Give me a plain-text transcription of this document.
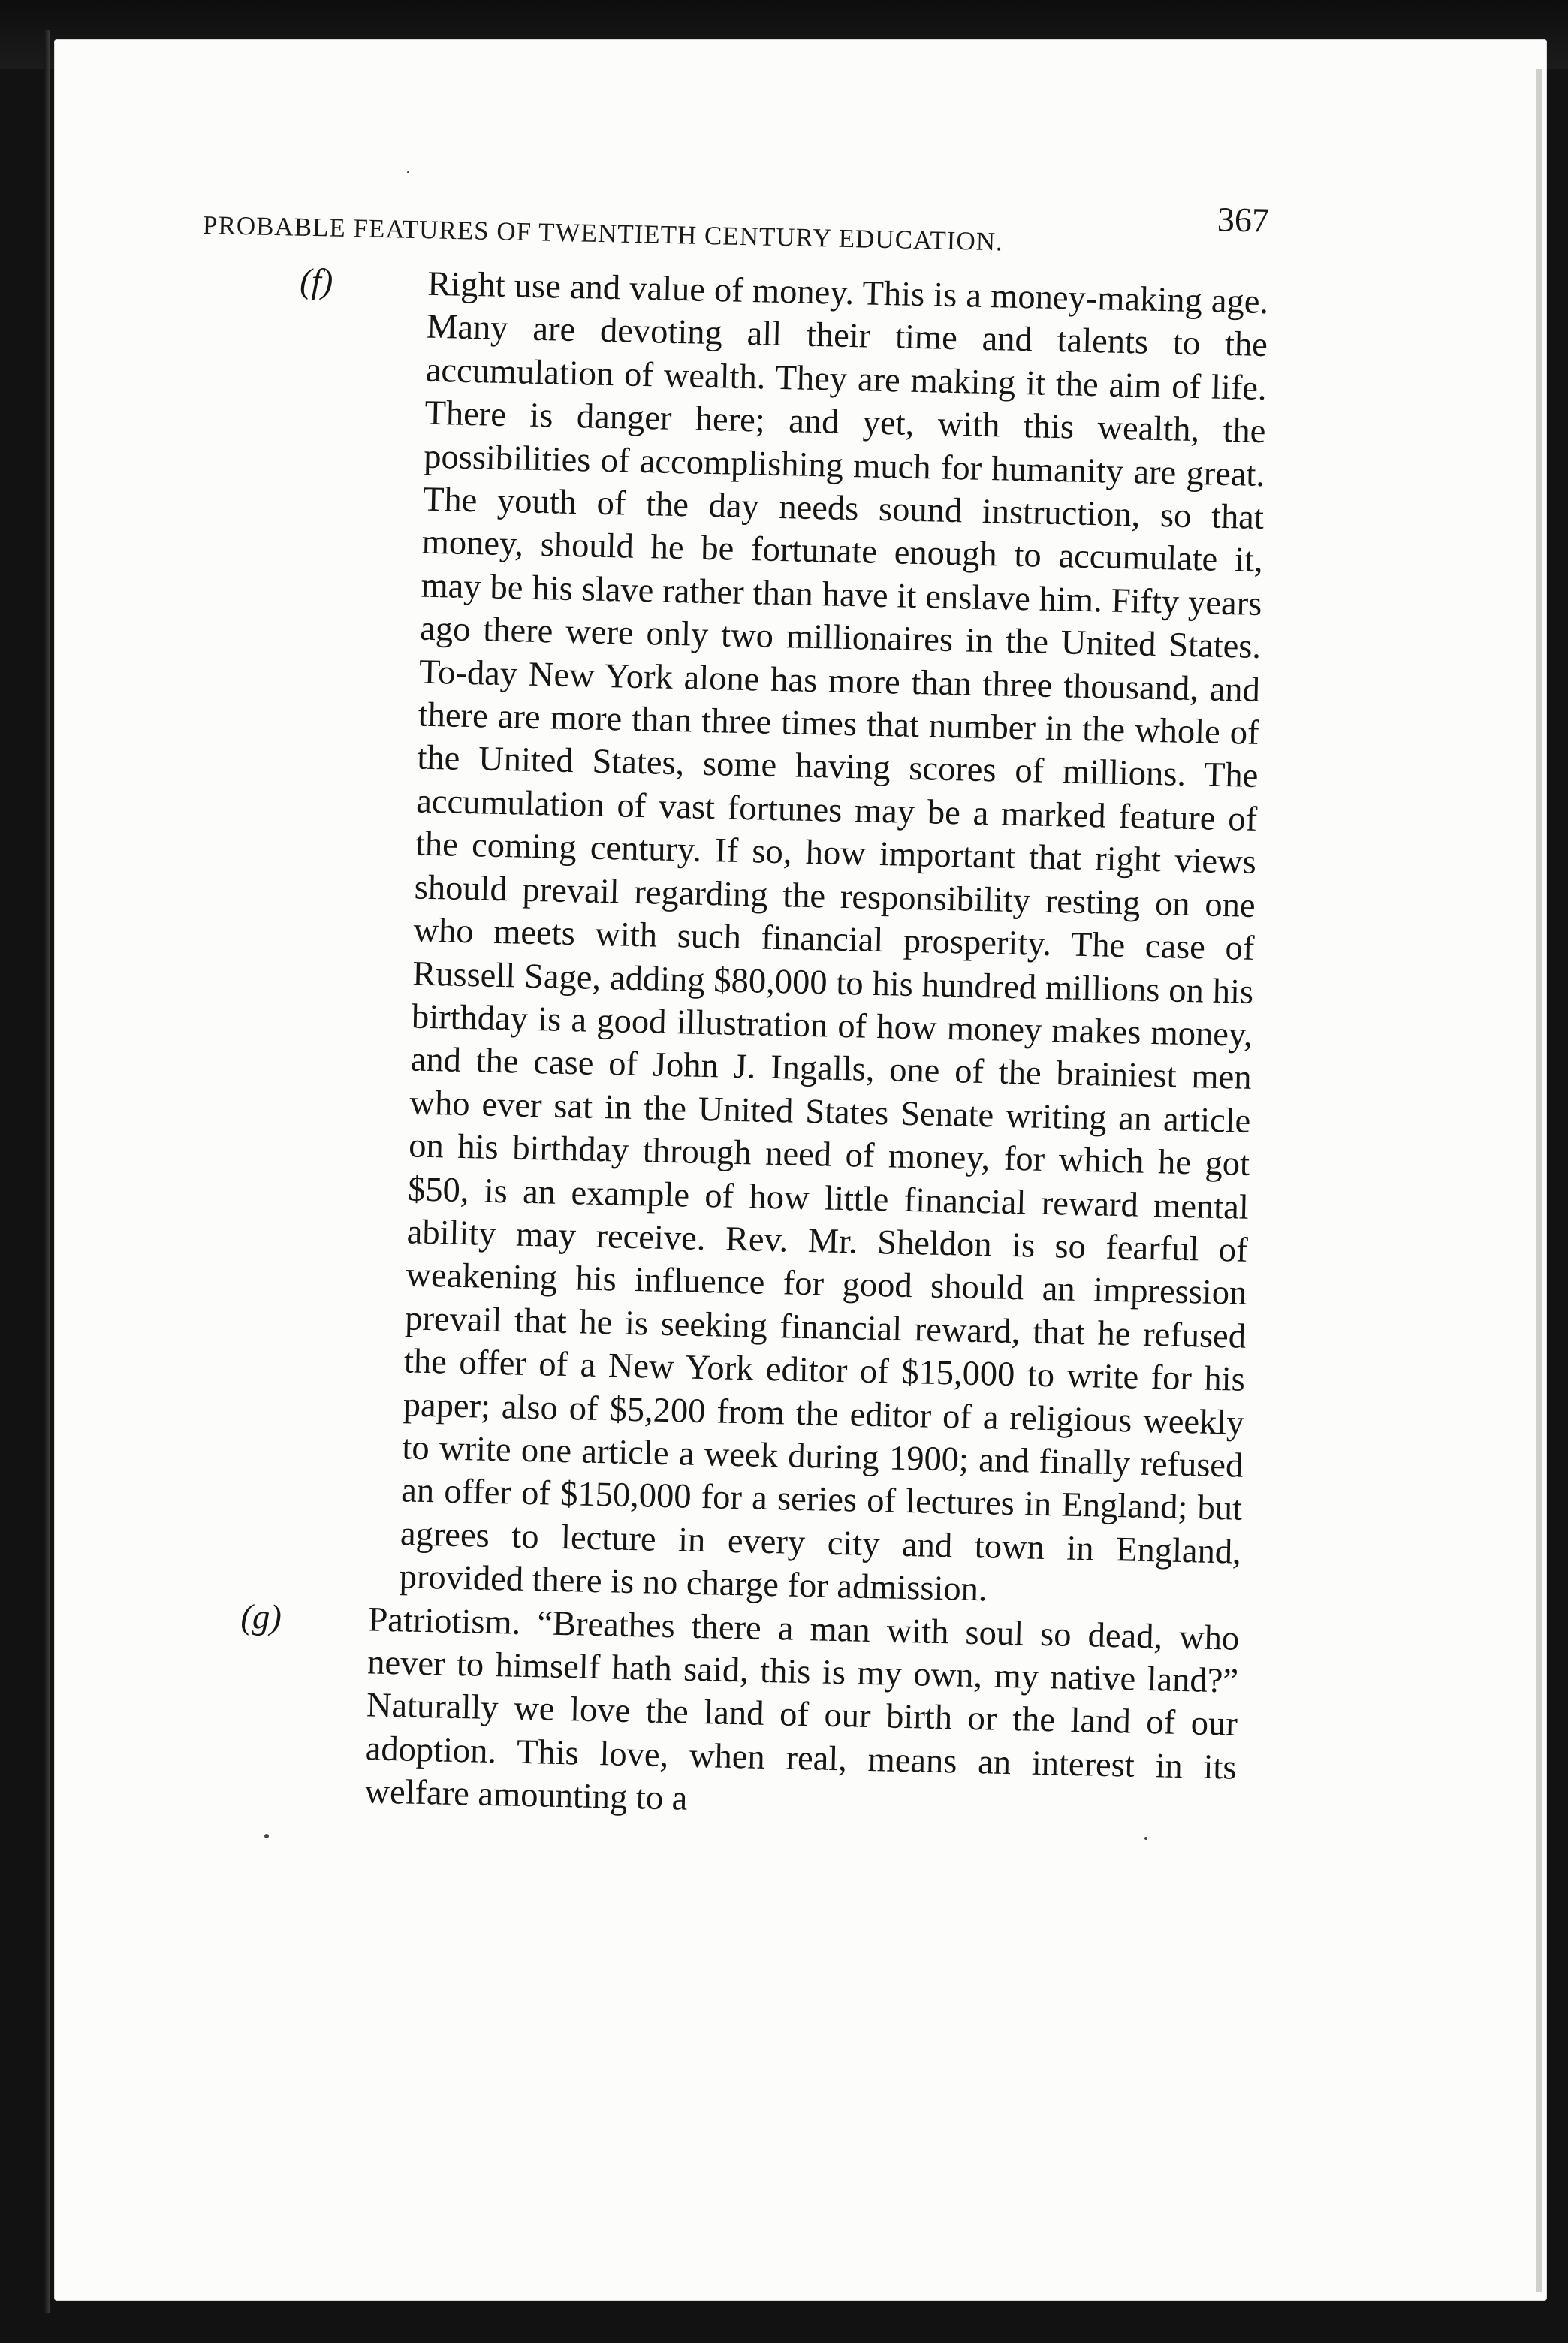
PROBABLE FEATURES OF TWENTIETH CENTURY EDUCATION.	367
(f)	Right use and value of money. This is a money-making age. Many are devoting all their time and talents to the accumulation of wealth. They are making it the aim of life. There is danger here; and yet, with this wealth, the possibilities of accomplishing much for humanity are great. The youth of the day needs sound instruction, so that money, should he be fortunate enough to accumulate it, may be his slave rather than have it enslave him. Fifty years ago there were only two millionaires in the United States. To-day New York alone has more than three thousand, and there are more than three times that number in the whole of the United States, some having scores of millions. The accumulation of vast fortunes may be a marked feature of the coming century. If so, how important that right views should prevail regarding the responsibility resting on one who meets with such financial prosperity. The case of Russell Sage, adding $80,000 to his hundred millions on his birthday is a good illustration of how money makes money, and the case of John J. Ingalls, one of the brainiest men who ever sat in the United States Senate writing an article on his birthday through need of money, for which he got $50, is an example of how little financial reward mental ability may receive. Rev. Mr. Sheldon is so fearful of weakening his influence for good should an impression prevail that he is seeking financial reward, that he refused the offer of a New York editor of $15,000 to write for his paper; also of $5,200 from the editor of a religious weekly to write one article a week during 1900; and finally refused an offer of $150,000 for a series of lectures in England; but agrees to lecture in every city and town in England, provided there is no charge for admission.
(g) Patriotism. “Breathes there a man with soul so dead, who never to himself hath said, this is my own, my native land?” Naturally we love the land of our birth or the land of our adoption. This love, when real, means an interest in its welfare amounting to a
